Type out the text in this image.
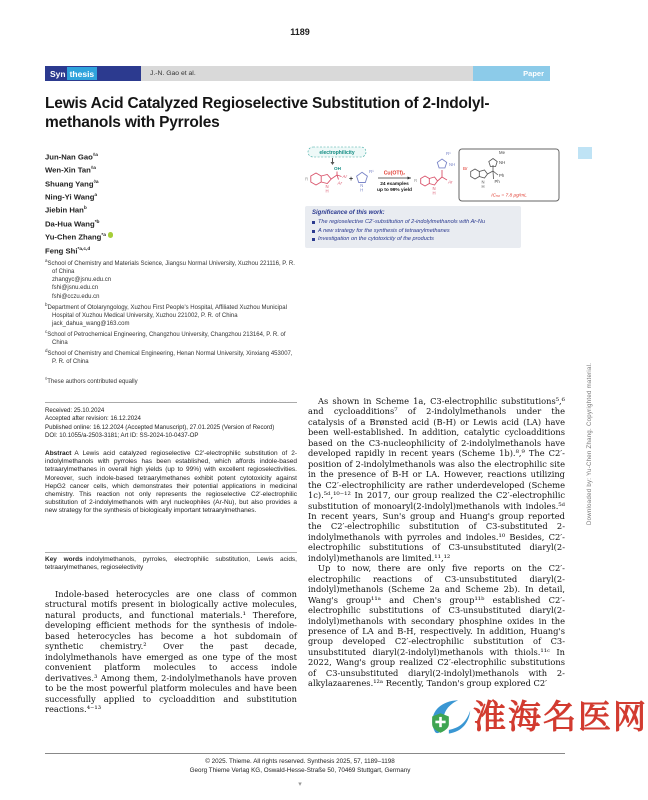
1189
Syn thesis	J.-N. Gao et al.	Paper
Lewis Acid Catalyzed Regioselective Substitution of 2-Indolyl-
methanols with Pyrroles
Jun-Nan Gao$^{◊a}$
Wen-Xin Tan$^{◊a}$
Shuang Yang$^{◊a}$
Ning-Yi Wang$^a$
Jiebin Han$^b$
Da-Hua Wang$^{*b}$
Yu-Chen Zhang$^{*a}$
Feng Shi$^{*a,c,d}$
electrophilicity
R
N
H
OH
Ar
Ar +
N
H
R¹ Cu(OTf)₂
24 examples
up to 99% yield
R¹
NH
R
N
H
Ar
Br
N
H
Ph
Ph
NH
Me
IC₅₀ = 7.8 μg/mL
Significance of this work:
The regioselective C2′-substitution of 2-indolylmethanols with Ar-Nu
A new strategy for the synthesis of tetraarylmethanes
Investigation on the cytotoxicity of the products
$^a$School of Chemistry and Materials Science, Jiangsu Normal University, Xuzhou 221116, P. R. of China
zhangyc@jsnu.edu.cn
fshi@jsnu.edu.cn
fshi@cczu.edu.cn
$^b$Department of Otolaryngology, Xuzhou First People's Hospital, Affiliated Xuzhou Municipal Hospital of Xuzhou Medical University, Xuzhou 221002, P. R. of China
jack_dahua_wang@163.com
$^c$School of Petrochemical Engineering, Changzhou University, Changzhou 213164, P. R. of China
$^d$School of Chemistry and Chemical Engineering, Henan Normal University, Xinxiang 453007, P. R. of China
◊These authors contributed equally
Received: 25.10.2024
Accepted after revision: 16.12.2024
Published online: 16.12.2024 (Accepted Manuscript), 27.01.2025 (Version of Record)
DOI: 10.1055/a-2503-3181; Art ID: SS-2024-10-0437-OP
Abstract A Lewis acid catalyzed regioselective C2′-electrophilic substitution of 2-indolylmethanols with pyrroles has been established, which affords indole-based tetraarylmethanes in overall high yields (up to 99%) with excellent regioselectivities. Moreover, such indole-based tetraarylmethanes exhibit potent cytotoxicity against HepG2 cancer cells, which demonstrates their potential applications in medicinal chemistry. This reaction not only represents the regioselective C2′-electrophilic substitution of 2-indolylmethanols with aryl nucleophiles (Ar-Nu), but also provides a new strategy for the synthesis of biologically important tetraarylmethanes.
Key words indolylmethanols, pyrroles, electrophilic substitution, Lewis acids, tetraarylmethanes, regioselectivity

Indole-based heterocycles are one class of common structural motifs present in biologically active molecules, natural products, and functional materials.¹ Therefore, developing efficient methods for the synthesis of indole-based heterocycles has become a hot subdomain of synthetic chemistry.² Over the past decade, indolylmethanols have emerged as one type of the most convenient platform molecules to access indole derivatives.³ Among them, 2-indolylmethanols have proven to be the most powerful platform molecules and have been successfully applied to cycloaddition and substitution reactions.⁴⁻¹³

As shown in Scheme 1a, C3-electrophilic substitutions⁵,⁶ and cycloadditions⁷ of 2-indolylmethanols under the catalysis of a Brønsted acid (B-H) or Lewis acid (LA) have been well-established. In addition, catalytic cycloadditions based on the C3-nucleophilicity of 2-indolylmethanols have developed rapidly in recent years (Scheme 1b).⁸,⁹ The C2′-position of 2-indolylmethanols was also the electrophilic site in the presence of B-H or LA. However, reactions utilizing the C2′-electrophilicity are rather underdeveloped (Scheme 1c).⁵ᵈ,¹⁰⁻¹² In 2017, our group realized the C2′-electrophilic substitution of monoaryl(2-indolyl)methanols with indoles.⁵ᵈ In recent years, Sun's group and Huang's group reported the C2′-electrophilic substitution of C3-substituted 2-indolylmethanols with pyrroles and indoles.¹⁰ Besides, C2′-electrophilic substitutions of C3-unsubstituted diaryl(2-indolyl)methanols are limited.¹¹,¹²

Up to now, there are only five reports on the C2′-electrophilic reactions of C3-unsubstituted diaryl(2-indolyl)methanols (Scheme 2a and Scheme 2b). In detail, Wang's group¹¹ᵃ and Chen's group¹¹ᵇ established C2′-electrophilic substitutions of C3-unsubstituted diaryl(2-indolyl)methanols with secondary phosphine oxides in the presence of LA and B-H, respectively. In addition, Huang's group developed C2′-electrophilic substitution of C3-unsubstituted diaryl(2-indolyl)methanols with thiols.¹¹ᶜ In 2022, Wang's group realized C2′-electrophilic substitutions of C3-unsubstituted diaryl(2-indolyl)methanols with 2-alkylazaarenes.¹²ᵃ Recently, Tandon's group explored C2′

淮海名医网
© 2025. Thieme. All rights reserved. Synthesis 2025, 57, 1189–1198
Georg Thieme Verlag KG, Oswald-Hesse-Straße 50, 70469 Stuttgart, Germany
▾
Downloaded by: Yu-Chen Zhang. Copyrighted material.
